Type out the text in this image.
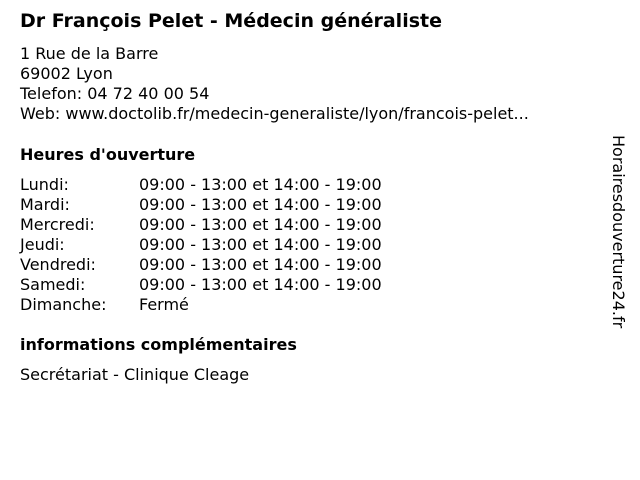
Dr François Pelet - Médecin généraliste
1 Rue de la Barre
69002 Lyon
Telefon: 04 72 40 00 54
Web: www.doctolib.fr/medecin-generaliste/lyon/francois-pelet...
Heures d'ouverture
Lundi:	09:00 - 13:00 et 14:00 - 19:00
Mardi:	09:00 - 13:00 et 14:00 - 19:00
Mercredi:	09:00 - 13:00 et 14:00 - 19:00
Jeudi:	09:00 - 13:00 et 14:00 - 19:00
Vendredi:	09:00 - 13:00 et 14:00 - 19:00
Samedi:	09:00 - 13:00 et 14:00 - 19:00
Dimanche:	Fermé
informations complémentaires
Secrétariat - Clinique Cleage
Horairesdouverture24.fr
